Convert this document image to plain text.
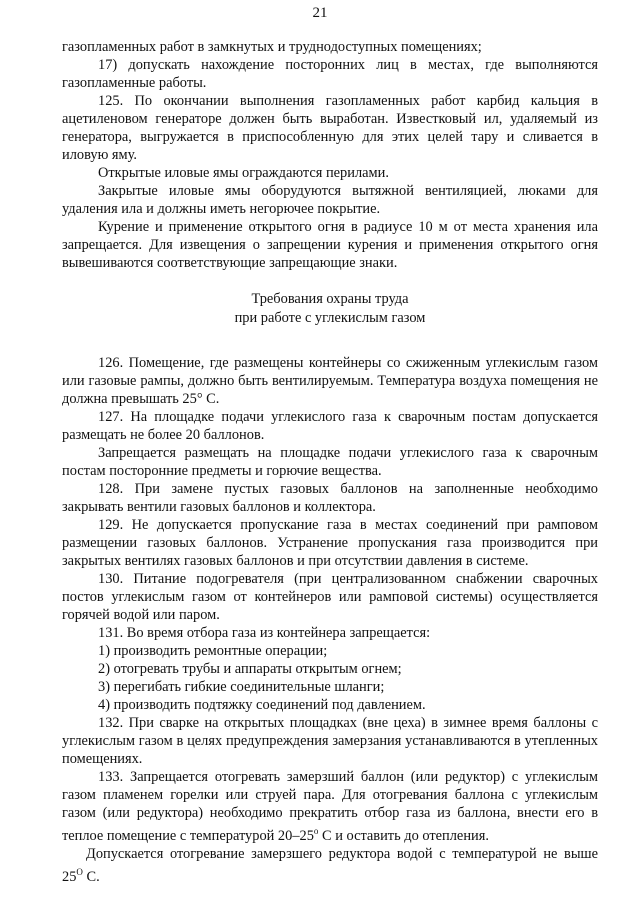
21

газопламенных работ в замкнутых и труднодоступных помещениях;

17) допускать нахождение посторонних лиц в местах, где выполняются газопламенные работы.

125. По окончании выполнения газопламенных работ карбид кальция в ацетиленовом генераторе должен быть выработан. Известковый ил, удаляемый из генератора, выгружается в приспособленную для этих целей тару и сливается в иловую яму.

Открытые иловые ямы ограждаются перилами.

Закрытые иловые ямы оборудуются вытяжной вентиляцией, люками для удаления ила и должны иметь негорючее покрытие.

Курение и применение открытого огня в радиусе 10 м от места хранения ила запрещается. Для извещения о запрещении курения и применения открытого огня вывешиваются соответствующие запрещающие знаки.

Требования охраны труда
при работе с углекислым газом

126. Помещение, где размещены контейнеры со сжиженным углекислым газом или газовые рампы, должно быть вентилируемым. Температура воздуха помещения не должна превышать 25° С.

127. На площадке подачи углекислого газа к сварочным постам допускается размещать не более 20 баллонов.

Запрещается размещать на площадке подачи углекислого газа к сварочным постам посторонние предметы и горючие вещества.

128. При замене пустых газовых баллонов на заполненные необходимо закрывать вентили газовых баллонов и коллектора.

129. Не допускается пропускание газа в местах соединений при рамповом размещении газовых баллонов. Устранение пропускания газа производится при закрытых вентилях газовых баллонов и при отсутствии давления в системе.

130. Питание подогревателя (при централизованном снабжении сварочных постов углекислым газом от контейнеров или рамповой системы) осуществляется горячей водой или паром.

131. Во время отбора газа из контейнера запрещается:

1) производить ремонтные операции;

2) отогревать трубы и аппараты открытым огнем;

3) перегибать гибкие соединительные шланги;

4) производить подтяжку соединений под давлением.

132. При сварке на открытых площадках (вне цеха) в зимнее время баллоны с углекислым газом в целях предупреждения замерзания устанавливаются в утепленных помещениях.

133. Запрещается отогревать замерзший баллон (или редуктор) с углекислым газом пламенем горелки или струей пара. Для отогревания баллона с углекислым газом (или редуктора) необходимо прекратить отбор газа из баллона, внести его в теплое помещение с температурой $20-25^о$ С и оставить до отепления.

Допускается отогревание замерзшего редуктора водой с температурой не выше $25^О$ С.
